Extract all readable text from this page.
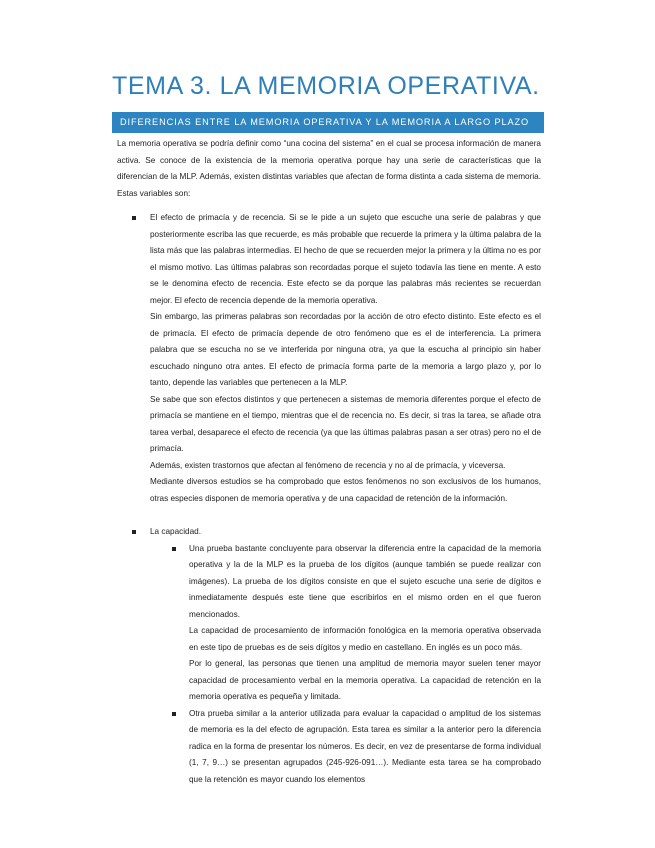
TEMA 3. LA MEMORIA OPERATIVA.
DIFERENCIAS ENTRE LA MEMORIA OPERATIVA Y LA MEMORIA A LARGO PLAZO

La memoria operativa se podría definir como “una cocina del sistema” en el cual se procesa información de manera activa. Se conoce de la existencia de la memoria operativa porque hay una serie de características que la diferencian de la MLP. Además, existen distintas variables que afectan de forma distinta a cada sistema de memoria. Estas variables son:

El efecto de primacía y de recencia. Si se le pide a un sujeto que escuche una serie de palabras y que posteriormente escriba las que recuerde, es más probable que recuerde la primera y la última palabra de la lista más que las palabras intermedias. El hecho de que se recuerden mejor la primera y la última no es por el mismo motivo. Las últimas palabras son recordadas porque el sujeto todavía las tiene en mente. A esto se le denomina efecto de recencia. Este efecto se da porque las palabras más recientes se recuerdan mejor. El efecto de recencia depende de la memoria operativa.

Sin embargo, las primeras palabras son recordadas por la acción de otro efecto distinto. Este efecto es el de primacía. El efecto de primacía depende de otro fenómeno que es el de interferencia. La primera palabra que se escucha no se ve interferida por ninguna otra, ya que la escucha al principio sin haber escuchado ninguno otra antes. El efecto de primacía forma parte de la memoria a largo plazo y, por lo tanto, depende las variables que pertenecen a la MLP.

Se sabe que son efectos distintos y que pertenecen a sistemas de memoria diferentes porque el efecto de primacía se mantiene en el tiempo, mientras que el de recencia no. Es decir, si tras la tarea, se añade otra tarea verbal, desaparece el efecto de recencia (ya que las últimas palabras pasan a ser otras) pero no el de primacía.

Además, existen trastornos que afectan al fenómeno de recencia y no al de primacía, y viceversa.

Mediante diversos estudios se ha comprobado que estos fenómenos no son exclusivos de los humanos, otras especies disponen de memoria operativa y de una capacidad de retención de la información.

La capacidad.

Una prueba bastante concluyente para observar la diferencia entre la capacidad de la memoria operativa y la de la MLP es la prueba de los dígitos (aunque también se puede realizar con imágenes). La prueba de los dígitos consiste en que el sujeto escuche una serie de dígitos e inmediatamente después este tiene que escribirlos en el mismo orden en el que fueron mencionados.

La capacidad de procesamiento de información fonológica en la memoria operativa observada en este tipo de pruebas es de seis dígitos y medio en castellano. En inglés es un poco más.

Por lo general, las personas que tienen una amplitud de memoria mayor suelen tener mayor capacidad de procesamiento verbal en la memoria operativa. La capacidad de retención en la memoria operativa es pequeña y limitada.

Otra prueba similar a la anterior utilizada para evaluar la capacidad o amplitud de los sistemas de memoria es la del efecto de agrupación. Esta tarea es similar a la anterior pero la diferencia radica en la forma de presentar los números. Es decir, en vez de presentarse de forma individual (1, 7, 9…) se presentan agrupados (245-926-091…). Mediante esta tarea se ha comprobado que la retención es mayor cuando los elementos
